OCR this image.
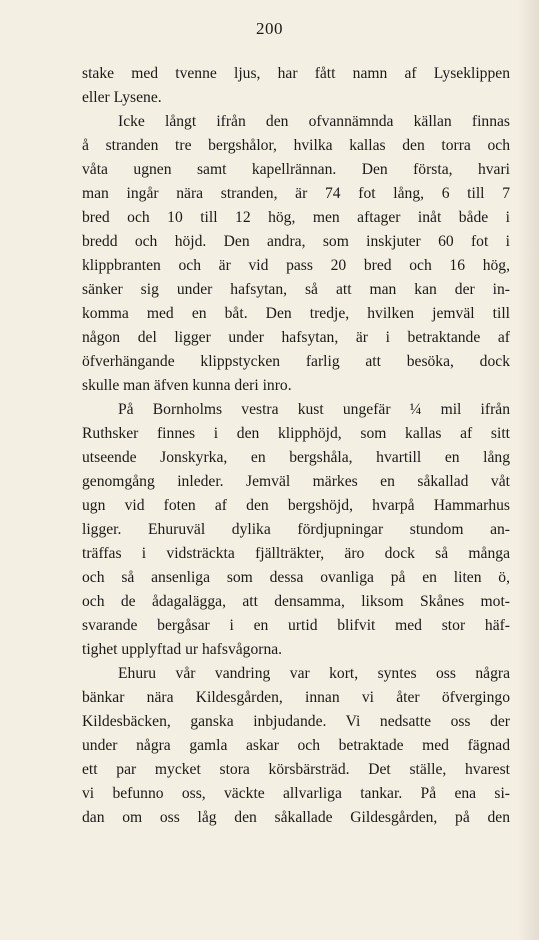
200
stake med tvenne ljus, har fått namn af Lyseklippen
eller Lysene.
Icke långt ifrån den ofvannämnda källan finnas
å stranden tre bergshålor, hvilka kallas den torra och
våta ugnen samt kapellrännan. Den första, hvari
man ingår nära stranden, är 74 fot lång, 6 till 7
bred och 10 till 12 hög, men aftager inåt både i
bredd och höjd. Den andra, som inskjuter 60 fot i
klippbranten och är vid pass 20 bred och 16 hög,
sänker sig under hafsytan, så att man kan der in-
komma med en båt. Den tredje, hvilken jemväl till
någon del ligger under hafsytan, är i betraktande af
öfverhängande klippstycken farlig att besöka, dock
skulle man äfven kunna deri inro.
På Bornholms vestra kust ungefär ¼ mil ifrån
Ruthsker finnes i den klipphöjd, som kallas af sitt
utseende Jonskyrka, en bergshåla, hvartill en lång
genomgång inleder. Jemväl märkes en såkallad våt
ugn vid foten af den bergshöjd, hvarpå Hammarhus
ligger. Ehuruväl dylika fördjupningar stundom an-
träffas i vidsträckta fjällträkter, äro dock så många
och så ansenliga som dessa ovanliga på en liten ö,
och de ådagalägga, att densamma, liksom Skånes mot-
svarande bergåsar i en urtid blifvit med stor häf-
tighet upplyftad ur hafsvågorna.
Ehuru vår vandring var kort, syntes oss några
bänkar nära Kildesgården, innan vi åter öfvergingo
Kildesbäcken, ganska inbjudande. Vi nedsatte oss der
under några gamla askar och betraktade med fägnad
ett par mycket stora körsbärsträd. Det ställe, hvarest
vi befunno oss, väckte allvarliga tankar. På ena si-
dan om oss låg den såkallade Gildesgården, på den
